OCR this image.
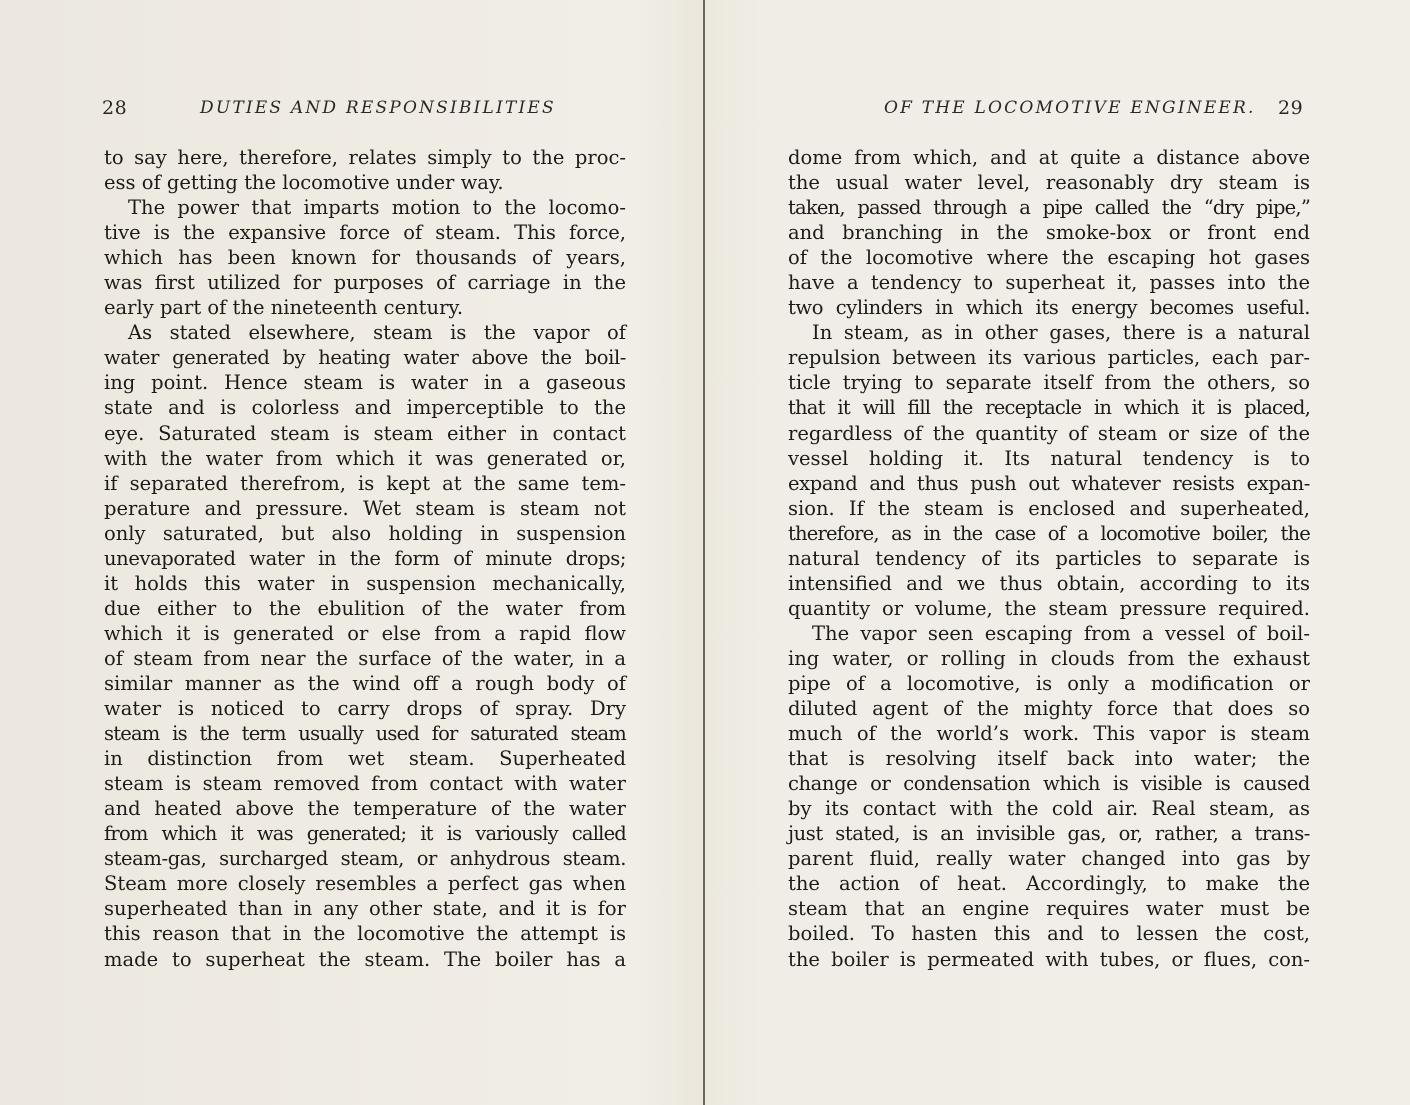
28	DUTIES AND RESPONSIBILITIES
to say here, therefore, relates simply to the proc-
ess of getting the locomotive under way.
The power that imparts motion to the locomo-
tive is the expansive force of steam. This force,
which has been known for thousands of years,
was first utilized for purposes of carriage in the
early part of the nineteenth century.
As stated elsewhere, steam is the vapor of
water generated by heating water above the boil-
ing point. Hence steam is water in a gaseous
state and is colorless and imperceptible to the
eye. Saturated steam is steam either in contact
with the water from which it was generated or,
if separated therefrom, is kept at the same tem-
perature and pressure. Wet steam is steam not
only saturated, but also holding in suspension
unevaporated water in the form of minute drops;
it holds this water in suspension mechanically,
due either to the ebulition of the water from
which it is generated or else from a rapid flow
of steam from near the surface of the water, in a
similar manner as the wind off a rough body of
water is noticed to carry drops of spray. Dry
steam is the term usually used for saturated steam
in distinction from wet steam. Superheated
steam is steam removed from contact with water
and heated above the temperature of the water
from which it was generated; it is variously called
steam-gas, surcharged steam, or anhydrous steam.
Steam more closely resembles a perfect gas when
superheated than in any other state, and it is for
this reason that in the locomotive the attempt is
made to superheat the steam. The boiler has a
OF THE LOCOMOTIVE ENGINEER. 29
dome from which, and at quite a distance above
the usual water level, reasonably dry steam is
taken, passed through a pipe called the “dry pipe,”
and branching in the smoke-box or front end
of the locomotive where the escaping hot gases
have a tendency to superheat it, passes into the
two cylinders in which its energy becomes useful.
In steam, as in other gases, there is a natural
repulsion between its various particles, each par-
ticle trying to separate itself from the others, so
that it will fill the receptacle in which it is placed,
regardless of the quantity of steam or size of the
vessel holding it. Its natural tendency is to
expand and thus push out whatever resists expan-
sion. If the steam is enclosed and superheated,
therefore, as in the case of a locomotive boiler, the
natural tendency of its particles to separate is
intensified and we thus obtain, according to its
quantity or volume, the steam pressure required.
The vapor seen escaping from a vessel of boil-
ing water, or rolling in clouds from the exhaust
pipe of a locomotive, is only a modification or
diluted agent of the mighty force that does so
much of the world’s work. This vapor is steam
that is resolving itself back into water; the
change or condensation which is visible is caused
by its contact with the cold air. Real steam, as
just stated, is an invisible gas, or, rather, a trans-
parent fluid, really water changed into gas by
the action of heat. Accordingly, to make the
steam that an engine requires water must be
boiled. To hasten this and to lessen the cost,
the boiler is permeated with tubes, or flues, con-
